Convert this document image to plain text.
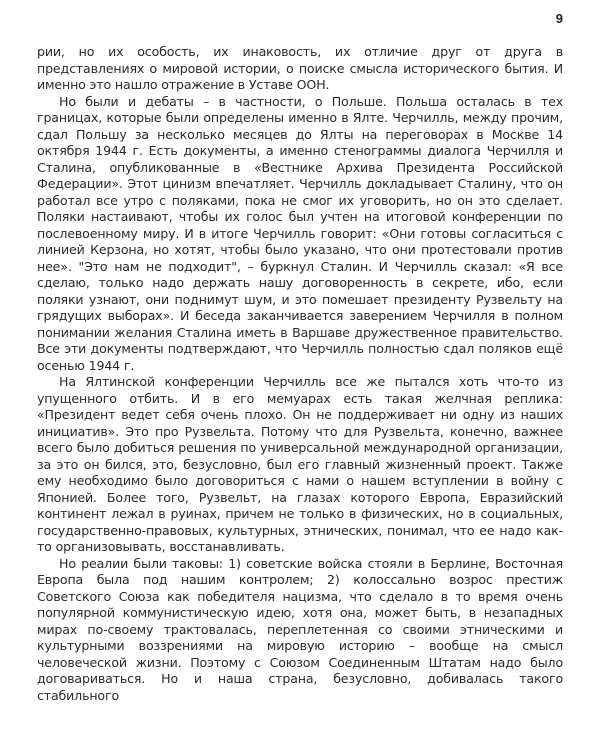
9

рии, но их особость, их инаковость, их отличие друг от друга в представлениях о мировой истории, о поиске смысла исторического бытия. И именно это нашло отражение в Уставе ООН.

Но были и дебаты – в частности, о Польше. Польша осталась в тех границах, которые были определены именно в Ялте. Черчилль, между прочим, сдал Польшу за несколько месяцев до Ялты на переговорах в Москве 14 октября 1944 г. Есть документы, а именно стенограммы диалога Черчилля и Сталина, опубликованные в «Вестнике Архива Президента Российской Федерации». Этот цинизм впечатляет. Черчилль докладывает Сталину, что он работал все утро с поляками, пока не смог их уговорить, но он это сделает. Поляки настаивают, чтобы их голос был учтен на итоговой конференции по послевоенному миру. И в итоге Черчилль говорит: «Они готовы согласиться с линией Керзона, но хотят, чтобы было указано, что они протестовали против нее». "Это нам не подходит", – буркнул Сталин. И Черчилль сказал: «Я все сделаю, только надо держать нашу договоренность в секрете, ибо, если поляки узнают, они поднимут шум, и это помешает президенту Рузвельту на грядущих выборах». И беседа заканчивается заверением Черчилля в полном понимании желания Сталина иметь в Варшаве дружественное правительство. Все эти документы подтверждают, что Черчилль полностью сдал поляков ещё осенью 1944 г.

На Ялтинской конференции Черчилль все же пытался хоть что-то из упущенного отбить. И в его мемуарах есть такая желчная реплика: «Президент ведет себя очень плохо. Он не поддерживает ни одну из наших инициатив». Это про Рузвельта. Потому что для Рузвельта, конечно, важнее всего было добиться решения по универсальной международной организации, за это он бился, это, безусловно, был его главный жизненный проект. Также ему необходимо было договориться с нами о нашем вступлении в войну с Японией. Более того, Рузвельт, на глазах которого Европа, Евразийский континент лежал в руинах, причем не только в физических, но в социальных, государственно-правовых, культурных, этнических, понимал, что ее надо как-то организовывать, восстанавливать.

Но реалии были таковы: 1) советские войска стояли в Берлине, Восточная Европа была под нашим контролем; 2) колоссально возрос престиж Советского Союза как победителя нацизма, что сделало в то время очень популярной коммунистическую идею, хотя она, может быть, в незападных мирах по-своему трактовалась, переплетенная со своими этническими и культурными воззрениями на мировую историю – вообще на смысл человеческой жизни. Поэтому с Союзом Соединенным Штатам надо было договариваться. Но и наша страна, безусловно, добивалась такого стабильного
